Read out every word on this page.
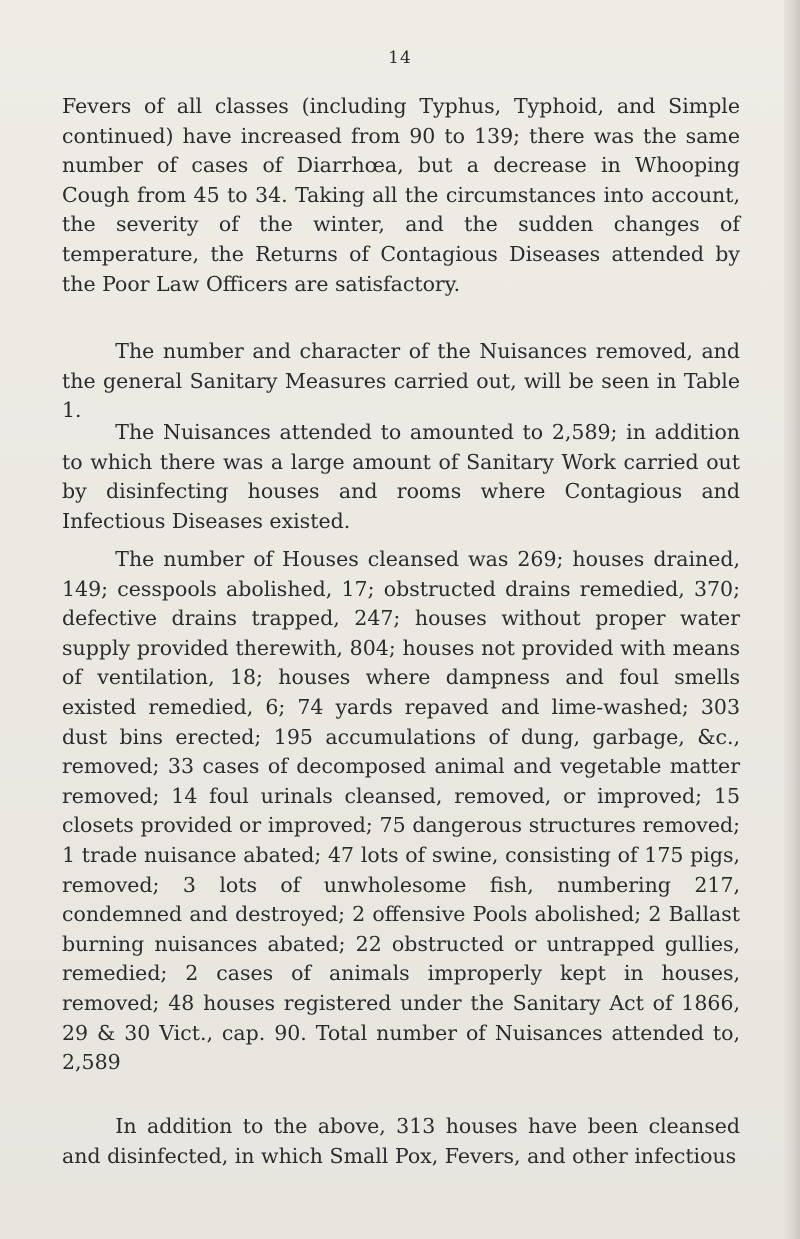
14

Fevers of all classes (including Typhus, Typhoid, and Simple continued) have increased from 90 to 139; there was the same number of cases of Diarrhœa, but a decrease in Whooping Cough from 45 to 34. Taking all the circumstances into account, the severity of the winter, and the sudden changes of temperature, the Returns of Contagious Diseases attended by the Poor Law Officers are satisfactory.

The number and character of the Nuisances removed, and the general Sanitary Measures carried out, will be seen in Table 1.

The Nuisances attended to amounted to 2,589; in addition to which there was a large amount of Sanitary Work carried out by disinfecting houses and rooms where Contagious and Infectious Diseases existed.

The number of Houses cleansed was 269; houses drained, 149; cesspools abolished, 17; obstructed drains remedied, 370; defective drains trapped, 247; houses without proper water supply provided therewith, 804; houses not provided with means of ventilation, 18; houses where dampness and foul smells existed remedied, 6; 74 yards repaved and lime-washed; 303 dust bins erected; 195 accumulations of dung, garbage, &c., removed; 33 cases of decomposed animal and vegetable matter removed; 14 foul urinals cleansed, removed, or improved; 15 closets provided or improved; 75 dangerous structures removed; 1 trade nuisance abated; 47 lots of swine, consisting of 175 pigs, removed; 3 lots of unwholesome fish, numbering 217, condemned and destroyed; 2 offensive Pools abolished; 2 Ballast burning nuisances abated; 22 obstructed or untrapped gullies, remedied; 2 cases of animals improperly kept in houses, removed; 48 houses registered under the Sanitary Act of 1866, 29 & 30 Vict., cap. 90. Total number of Nuisances attended to, 2,589

In addition to the above, 313 houses have been cleansed and disinfected, in which Small Pox, Fevers, and other infectious
